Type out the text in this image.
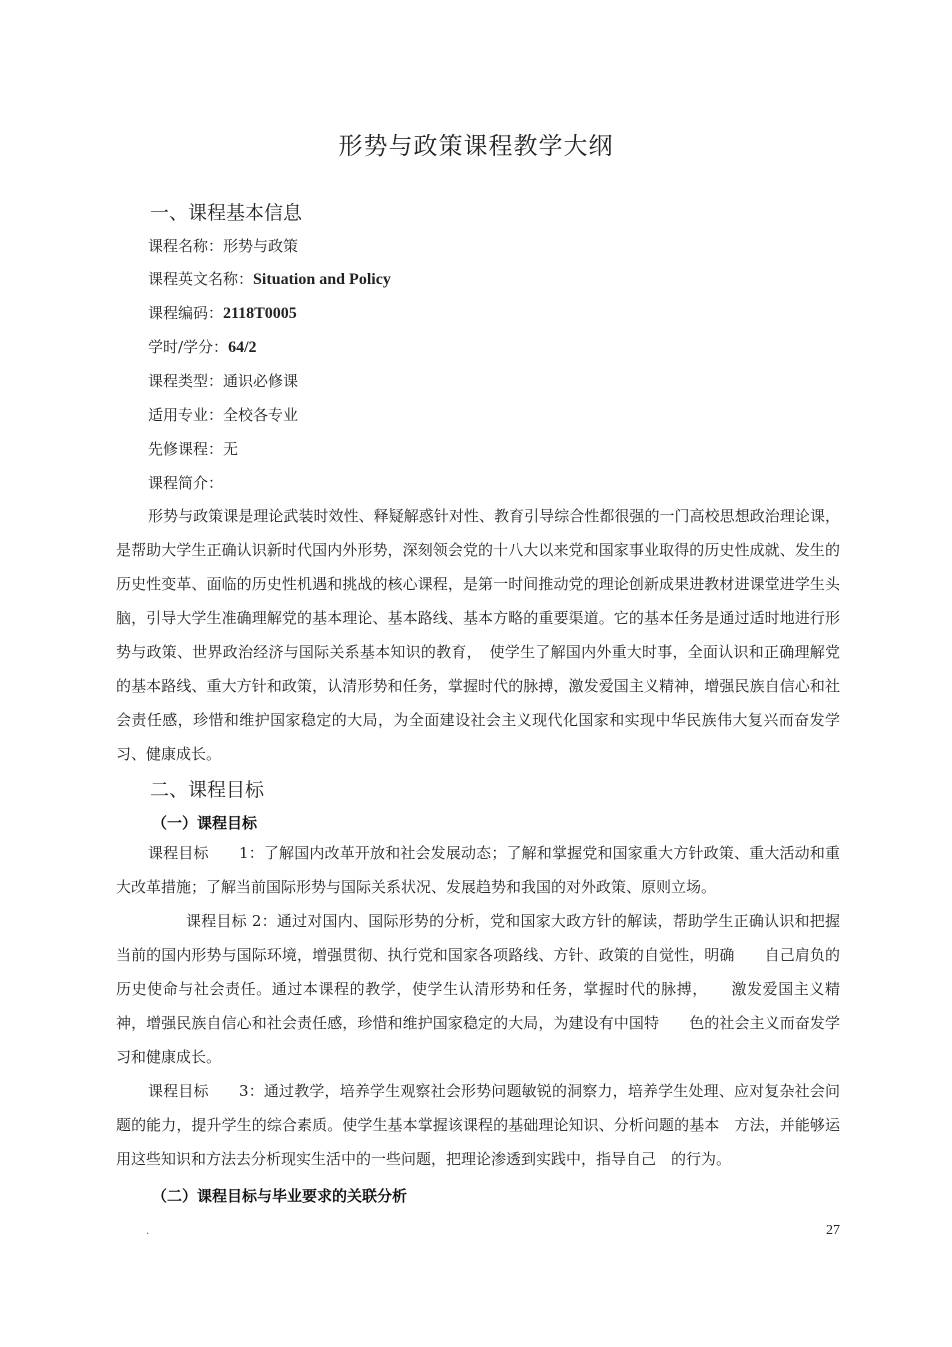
形势与政策课程教学大纲
一、课程基本信息
课程名称：形势与政策
课程英文名称：Situation and Policy
课程编码：2118T0005
学时/学分：64/2
课程类型：通识必修课
适用专业：全校各专业
先修课程：无
课程简介：

形势与政策课是理论武装时效性、释疑解惑针对性、教育引导综合性都很强的一门高校思想政治理论课，是帮助大学生正确认识新时代国内外形势，深刻领会党的十八大以来党和国家事业取得的历史性成就、发生的历史性变革、面临的历史性机遇和挑战的核心课程，是第一时间推动党的理论创新成果进教材进课堂进学生头脑，引导大学生准确理解党的基本理论、基本路线、基本方略的重要渠道。它的基本任务是通过适时地进行形势与政策、世界政治经济与国际关系基本知识的教育，　使学生了解国内外重大时事，全面认识和正确理解党的基本路线、重大方针和政策，认清形势和任务，掌握时代的脉搏，激发爱国主义精神，增强民族自信心和社会责任感，珍惜和维护国家稳定的大局，为全面建设社会主义现代化国家和实现中华民族伟大复兴而奋发学习、健康成长。

二、课程目标
（一）课程目标

课程目标　　1：了解国内改革开放和社会发展动态；了解和掌握党和国家重大方针政策、重大活动和重大改革措施；了解当前国际形势与国际关系状况、发展趋势和我国的对外政策、原则立场。

课程目标 2：通过对国内、国际形势的分析，党和国家大政方针的解读，帮助学生正确认识和把握当前的国内形势与国际环境，增强贯彻、执行党和国家各项路线、方针、政策的自觉性，明确　　自己肩负的历史使命与社会责任。通过本课程的教学，使学生认清形势和任务，掌握时代的脉搏，　　激发爱国主义精神，增强民族自信心和社会责任感，珍惜和维护国家稳定的大局，为建设有中国特　　色的社会主义而奋发学习和健康成长。

课程目标　　3：通过教学，培养学生观察社会形势问题敏锐的洞察力，培养学生处理、应对复杂社会问题的能力，提升学生的综合素质。使学生基本掌握该课程的基础理论知识、分析问题的基本　方法，并能够运用这些知识和方法去分析现实生活中的一些问题，把理论渗透到实践中，指导自己　的行为。

（二）课程目标与毕业要求的关联分析
.	27
